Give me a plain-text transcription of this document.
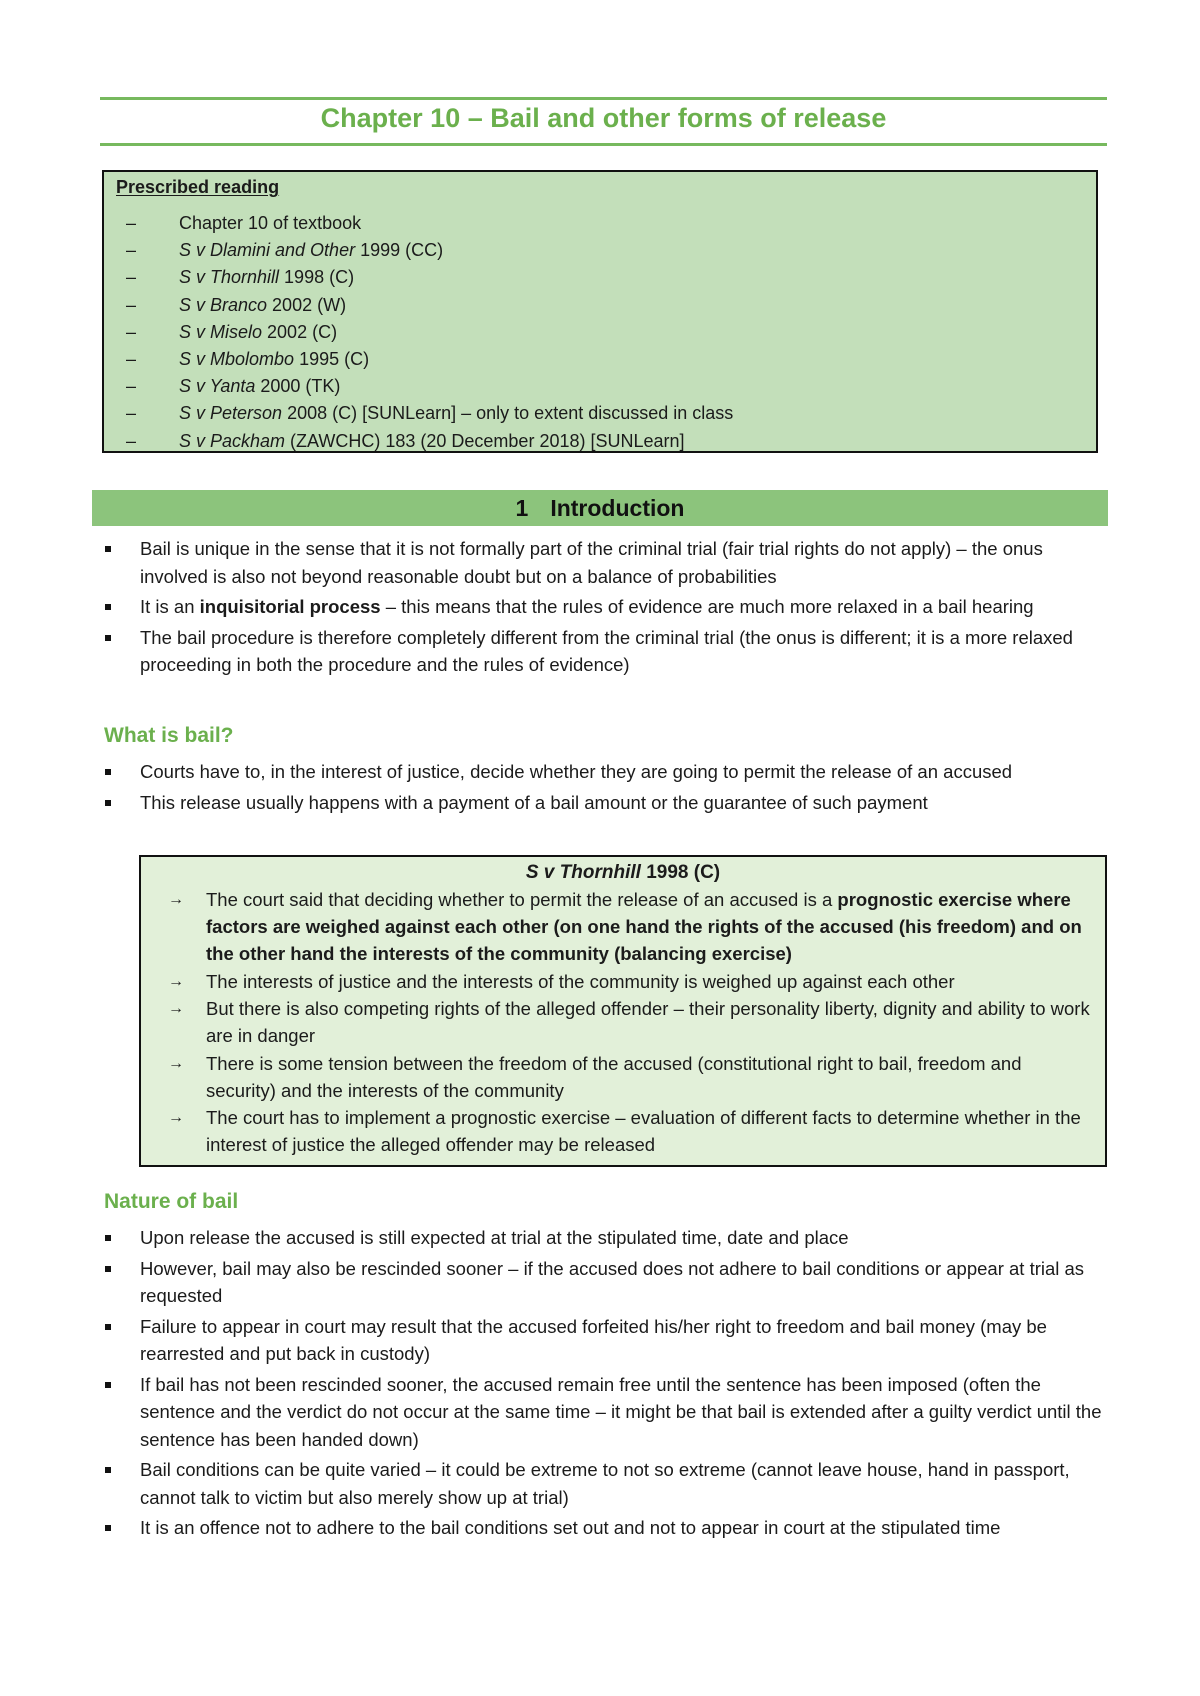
Chapter 10 – Bail and other forms of release
Prescribed reading
– Chapter 10 of textbook
– S v Dlamini and Other 1999 (CC)
– S v Thornhill 1998 (C)
– S v Branco 2002 (W)
– S v Miselo 2002 (C)
– S v Mbolombo 1995 (C)
– S v Yanta 2000 (TK)
– S v Peterson 2008 (C) [SUNLearn] – only to extent discussed in class
– S v Packham (ZAWCHC) 183 (20 December 2018) [SUNLearn]
1 Introduction
Bail is unique in the sense that it is not formally part of the criminal trial (fair trial rights do not apply) – the onus involved is also not beyond reasonable doubt but on a balance of probabilities
It is an inquisitorial process – this means that the rules of evidence are much more relaxed in a bail hearing
The bail procedure is therefore completely different from the criminal trial (the onus is different; it is a more relaxed proceeding in both the procedure and the rules of evidence)
What is bail?
Courts have to, in the interest of justice, decide whether they are going to permit the release of an accused
This release usually happens with a payment of a bail amount or the guarantee of such payment
S v Thornhill 1998 (C)
→ The court said that deciding whether to permit the release of an accused is a prognostic exercise where factors are weighed against each other (on one hand the rights of the accused (his freedom) and on the other hand the interests of the community (balancing exercise)
→ The interests of justice and the interests of the community is weighed up against each other
→ But there is also competing rights of the alleged offender – their personality liberty, dignity and ability to work are in danger
→ There is some tension between the freedom of the accused (constitutional right to bail, freedom and security) and the interests of the community
→ The court has to implement a prognostic exercise – evaluation of different facts to determine whether in the interest of justice the alleged offender may be released
Nature of bail
Upon release the accused is still expected at trial at the stipulated time, date and place
However, bail may also be rescinded sooner – if the accused does not adhere to bail conditions or appear at trial as requested
Failure to appear in court may result that the accused forfeited his/her right to freedom and bail money (may be rearrested and put back in custody)
If bail has not been rescinded sooner, the accused remain free until the sentence has been imposed (often the sentence and the verdict do not occur at the same time – it might be that bail is extended after a guilty verdict until the sentence has been handed down)
Bail conditions can be quite varied – it could be extreme to not so extreme (cannot leave house, hand in passport, cannot talk to victim but also merely show up at trial)
It is an offence not to adhere to the bail conditions set out and not to appear in court at the stipulated time
